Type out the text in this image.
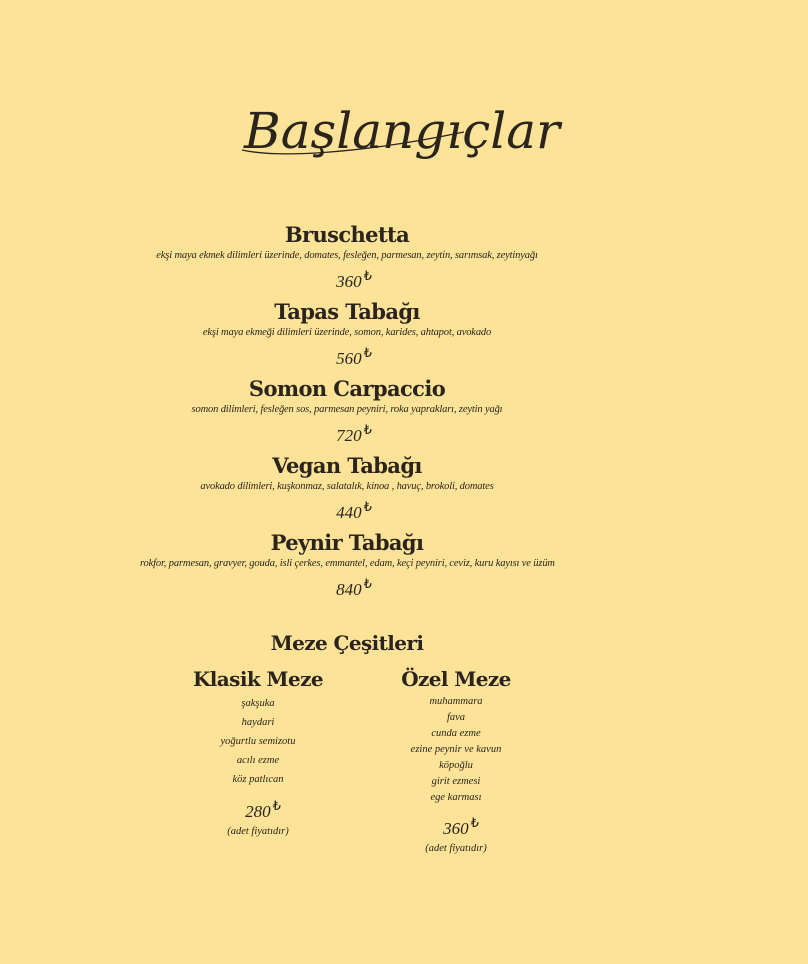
Başlangıçlar
Bruschetta
ekşi maya ekmek dilimleri üzerinde, domates, fesleğen, parmesan, zeytin, sarımsak, zeytinyağı
360 ₺
Tapas Tabağı
ekşi maya ekmeği dilimleri üzerinde, somon, karides, ahtapot, avokado
560 ₺
Somon Carpaccio
somon dilimleri, fesleğen sos, parmesan peyniri, roka yaprakları, zeytin yağı
720 ₺
Vegan Tabağı
avokado dilimleri, kuşkonmaz, salatalık, kinoa , havuç, brokoli, domates
440 ₺
Peynir Tabağı
rokfor, parmesan, gravyer, gouda, isli çerkes, emmantel, edam, keçi peyniri, ceviz, kuru kayısı ve üzüm
840 ₺
Meze Çeşitleri
Klasik Meze
şakşuka
haydari
yoğurtlu semizotu
acılı ezme
köz patlıcan
280 ₺
(adet fiyatıdır)
Özel Meze
muhammara
fava
cunda ezme
ezine peynir ve kavun
köpoğlu
girit ezmesi
ege karması
360 ₺
(adet fiyatıdır)
